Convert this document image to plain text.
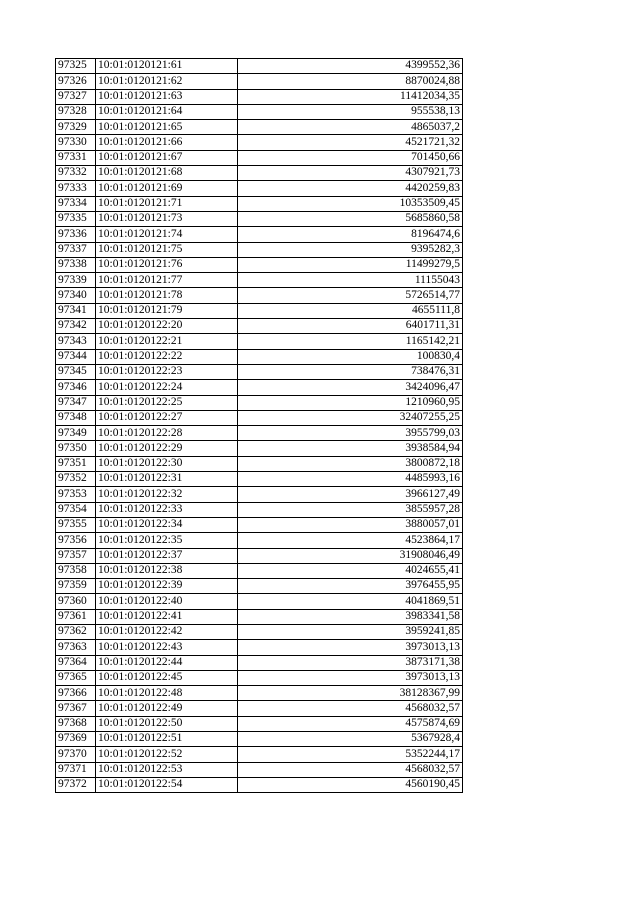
97325	10:01:0120121:61	4399552,36
97326	10:01:0120121:62	8870024,88
97327	10:01:0120121:63	11412034,35
97328	10:01:0120121:64	955538,13
97329	10:01:0120121:65	4865037,2
97330	10:01:0120121:66	4521721,32
97331	10:01:0120121:67	701450,66
97332	10:01:0120121:68	4307921,73
97333	10:01:0120121:69	4420259,83
97334	10:01:0120121:71	10353509,45
97335	10:01:0120121:73	5685860,58
97336	10:01:0120121:74	8196474,6
97337	10:01:0120121:75	9395282,3
97338	10:01:0120121:76	11499279,5
97339	10:01:0120121:77	11155043
97340	10:01:0120121:78	5726514,77
97341	10:01:0120121:79	4655111,8
97342	10:01:0120122:20	6401711,31
97343	10:01:0120122:21	1165142,21
97344	10:01:0120122:22	100830,4
97345	10:01:0120122:23	738476,31
97346	10:01:0120122:24	3424096,47
97347	10:01:0120122:25	1210960,95
97348	10:01:0120122:27	32407255,25
97349	10:01:0120122:28	3955799,03
97350	10:01:0120122:29	3938584,94
97351	10:01:0120122:30	3800872,18
97352	10:01:0120122:31	4485993,16
97353	10:01:0120122:32	3966127,49
97354	10:01:0120122:33	3855957,28
97355	10:01:0120122:34	3880057,01
97356	10:01:0120122:35	4523864,17
97357	10:01:0120122:37	31908046,49
97358	10:01:0120122:38	4024655,41
97359	10:01:0120122:39	3976455,95
97360	10:01:0120122:40	4041869,51
97361	10:01:0120122:41	3983341,58
97362	10:01:0120122:42	3959241,85
97363	10:01:0120122:43	3973013,13
97364	10:01:0120122:44	3873171,38
97365	10:01:0120122:45	3973013,13
97366	10:01:0120122:48	38128367,99
97367	10:01:0120122:49	4568032,57
97368	10:01:0120122:50	4575874,69
97369	10:01:0120122:51	5367928,4
97370	10:01:0120122:52	5352244,17
97371	10:01:0120122:53	4568032,57
97372	10:01:0120122:54	4560190,45
